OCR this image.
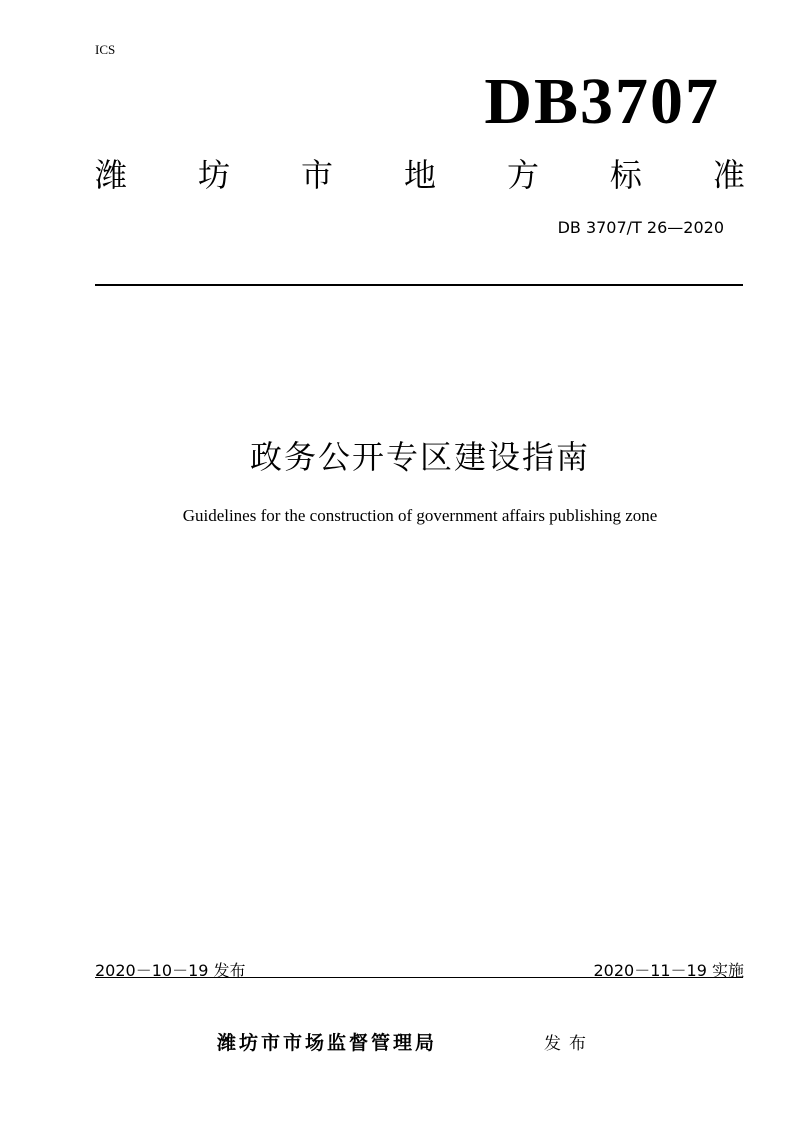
ICS
DB3707
潍 坊 市 地 方 标 准
DB 3707/T 26—2020
政务公开专区建设指南
Guidelines for the construction of government affairs publishing zone
2020－10－19 发布	2020－11－19 实施
潍坊市市场监督管理局	发布
